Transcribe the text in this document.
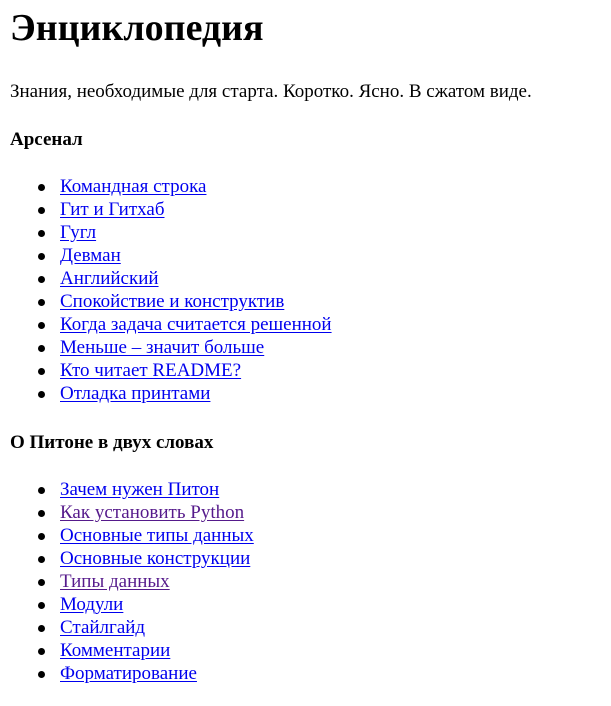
Энциклопедия

Знания, необходимые для старта. Коротко. Ясно. В сжатом виде.

Арсенал
Командная строка
Гит и Гитхаб
Гугл
Девман
Английский
Спокойствие и конструктив
Когда задача считается решенной
Меньше – значит больше
Кто читает README?
Отладка принтами
О Питоне в двух словах
Зачем нужен Питон
Как установить Python
Основные типы данных
Основные конструкции
Типы данных
Модули
Стайлгайд
Комментарии
Форматирование
